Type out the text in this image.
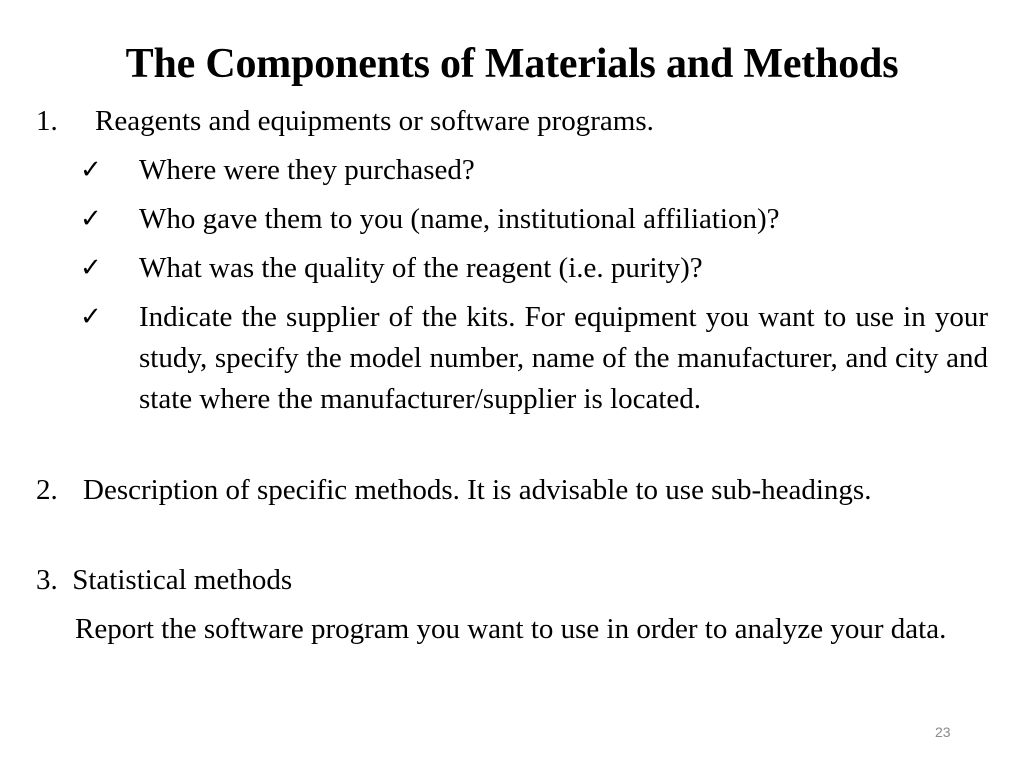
The Components of Materials and Methods
1. Reagents and equipments or software programs.
✓ Where were they purchased?
✓ Who gave them to you (name, institutional affiliation)?
✓ What was the quality of the reagent (i.e. purity)?
✓ Indicate the supplier of the kits. For equipment you want to use in your study, specify the model number, name of the manufacturer, and city and state where the manufacturer/supplier is located.
2. Description of specific methods. It is advisable to use sub-headings.
3. Statistical methods
Report the software program you want to use in order to analyze your data.
23
